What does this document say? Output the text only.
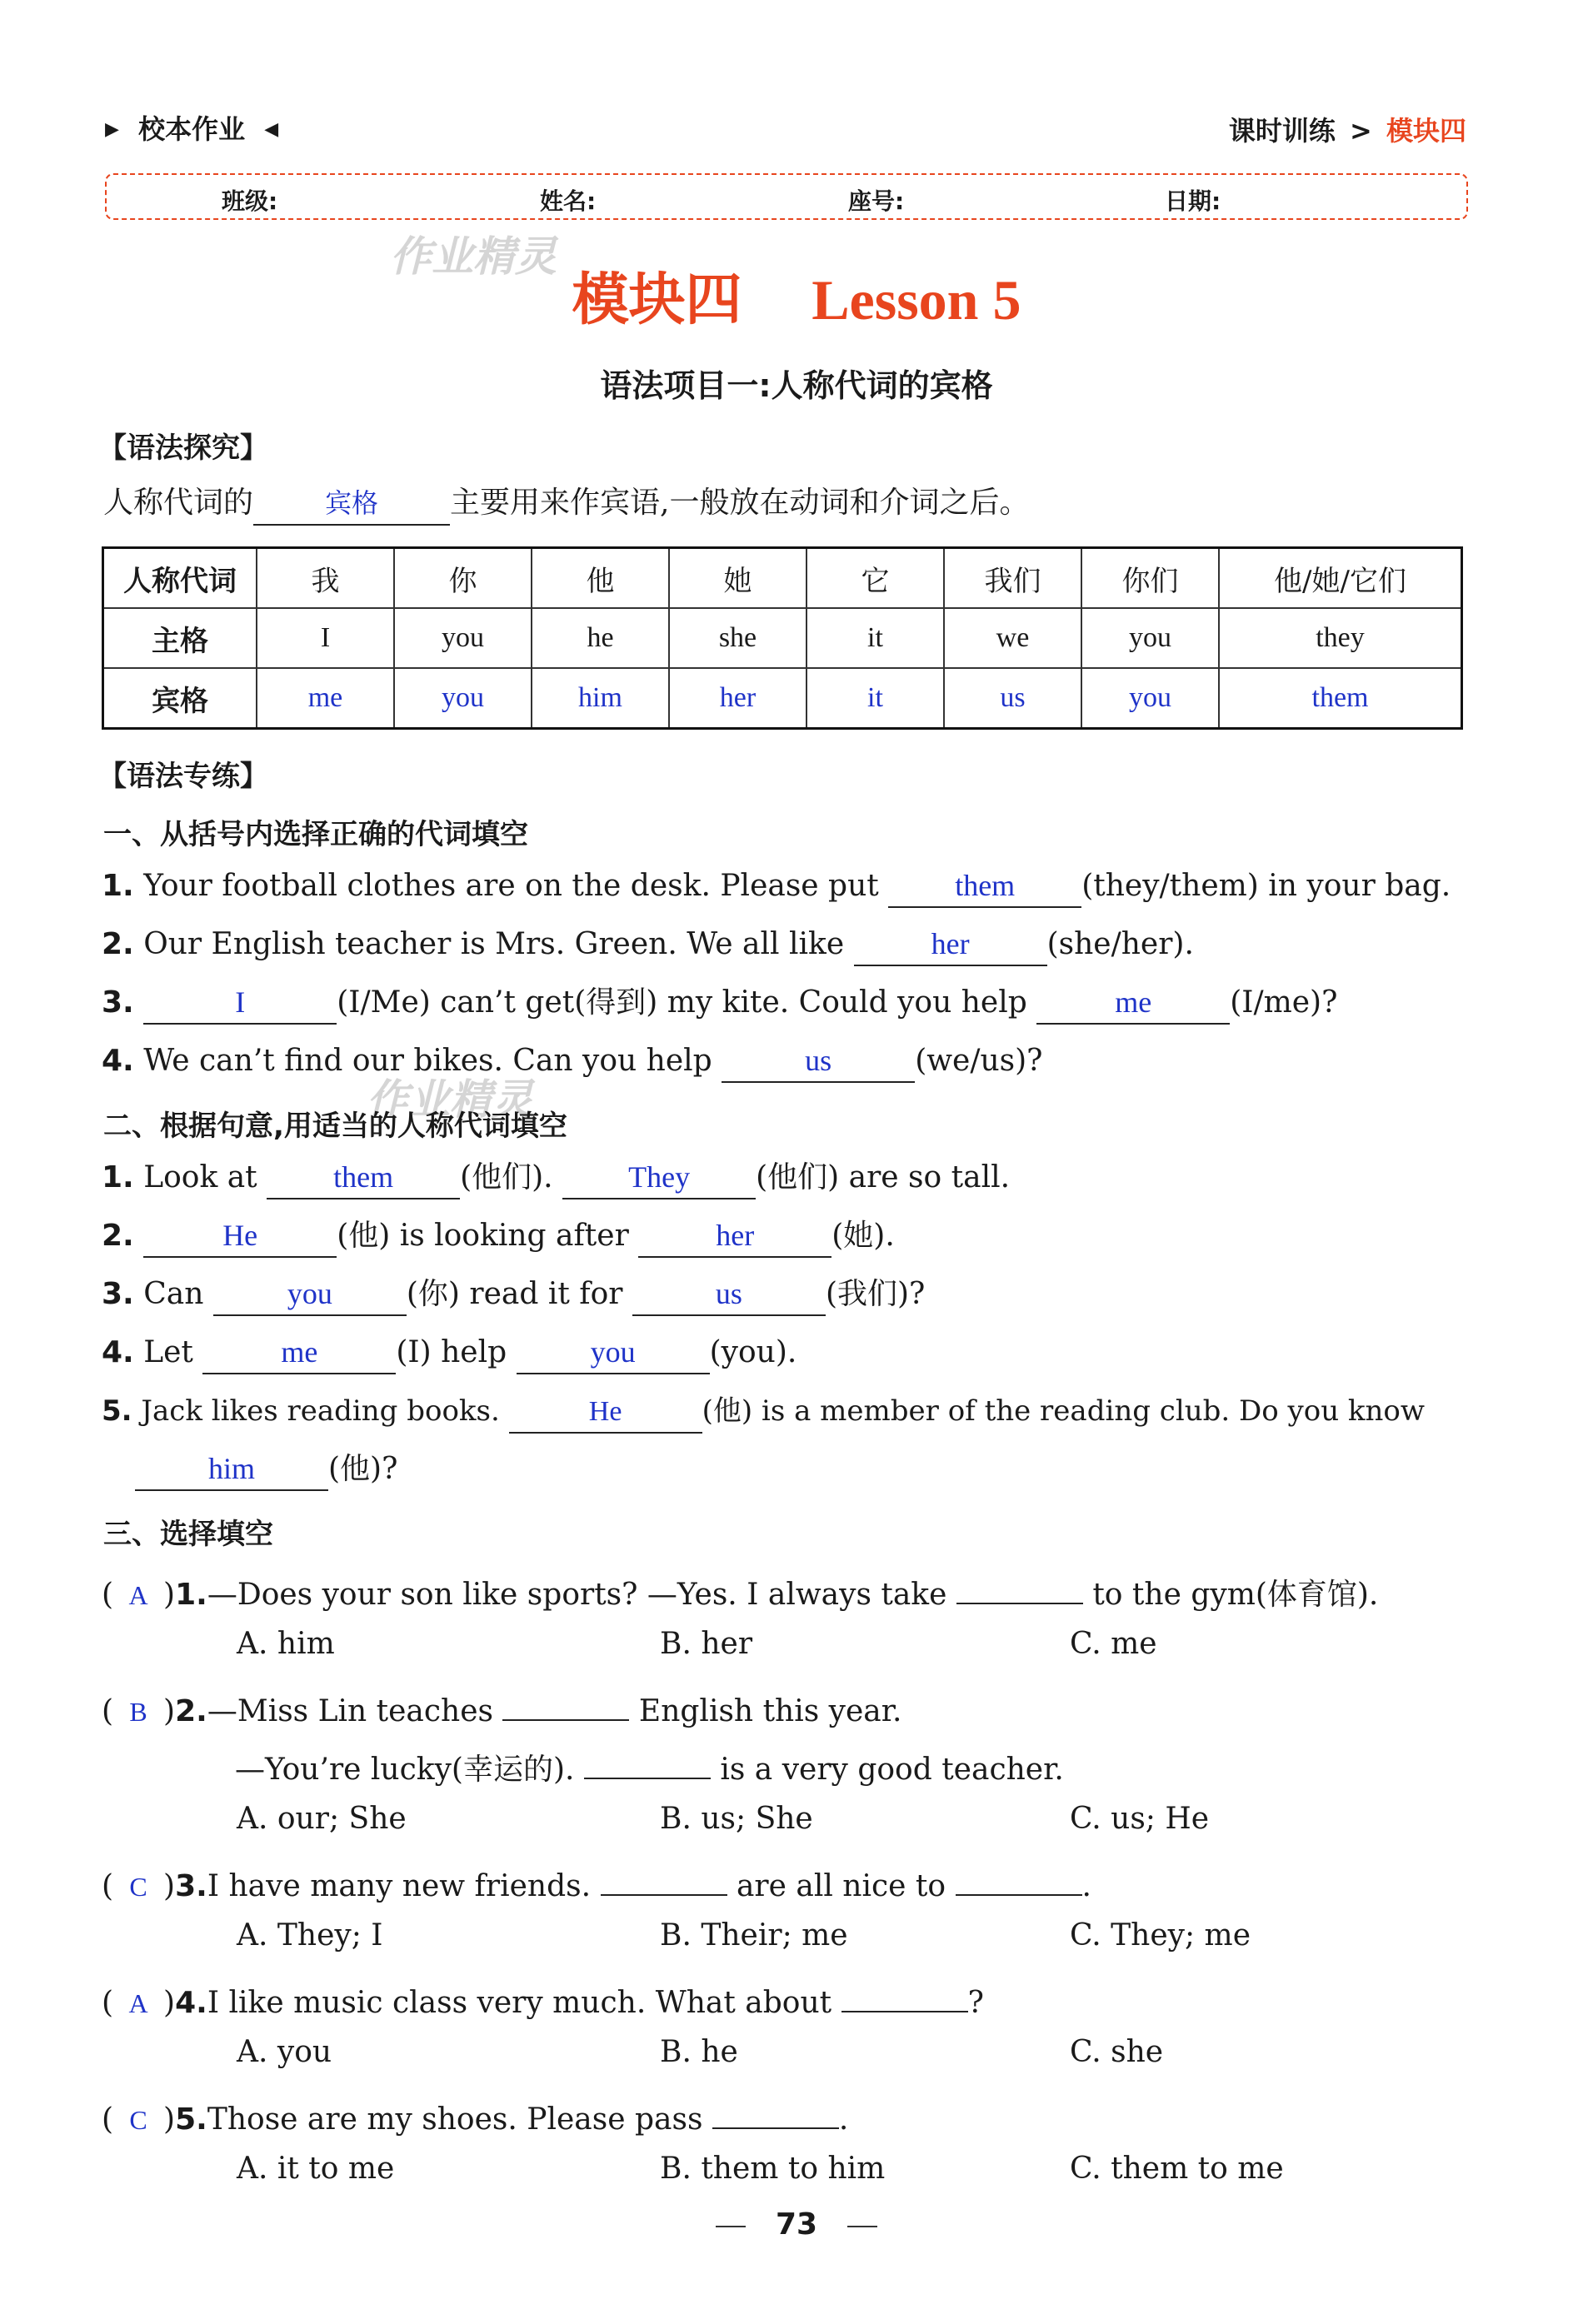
▶ 校本作业 ◀	课时训练 > 模块四
班级:	姓名:	座号:	日期:
作业精灵
作业精灵
模块四 Lesson 5
语法项目一:人称代词的宾格
【语法探究】
人称代词的	宾格 主要用来作宾语,一般放在动词和介词之后。
人称代词	我	你	他	她	它	我们	你们	他/她/它们
主格	I	you	he	she	it	we	you	they
宾格	me	you	him	her	it	us	you	them
【语法专练】
一、从括号内选择正确的代词填空
1. Your football clothes are on the desk. Please put	them (they/them) in your bag.
2. Our English teacher is Mrs. Green. We all like	her	(she/her).
3.	I	(I/Me) can’t get(得到) my kite. Could you help	me	(I/me)?
4. We can’t find our bikes. Can you help	us	(we/us)?
二、根据句意,用适当的人称代词填空
1. Look at	them (他们).	They (他们) are so tall.
2.	He	(他) is looking after	her	(她).
3. Can	you (你) read it for	us	(我们)?
4. Let	me	(I) help	you (you).
5. Jack likes reading books.	He	(他) is a member of the reading club. Do you know
him (他)?
三、选择填空
( A )1.—Does your son like sports? —Yes. I always take	to the gym(体育馆).
A. him	B. her	C. me
( B )2.—Miss Lin teaches	English this year.
—You’re lucky(幸运的).	is a very good teacher.
A. our; She	B. us; She	C. us; He
( C )3.I have many new friends.	are all nice to	.
A. They; I	B. Their; me	C. They; me
( A )4.I like music class very much. What about	?
A. you	B. he	C. she
( C )5.Those are my shoes. Please pass	.
A. it to me	B. them to him	C. them to me
73
